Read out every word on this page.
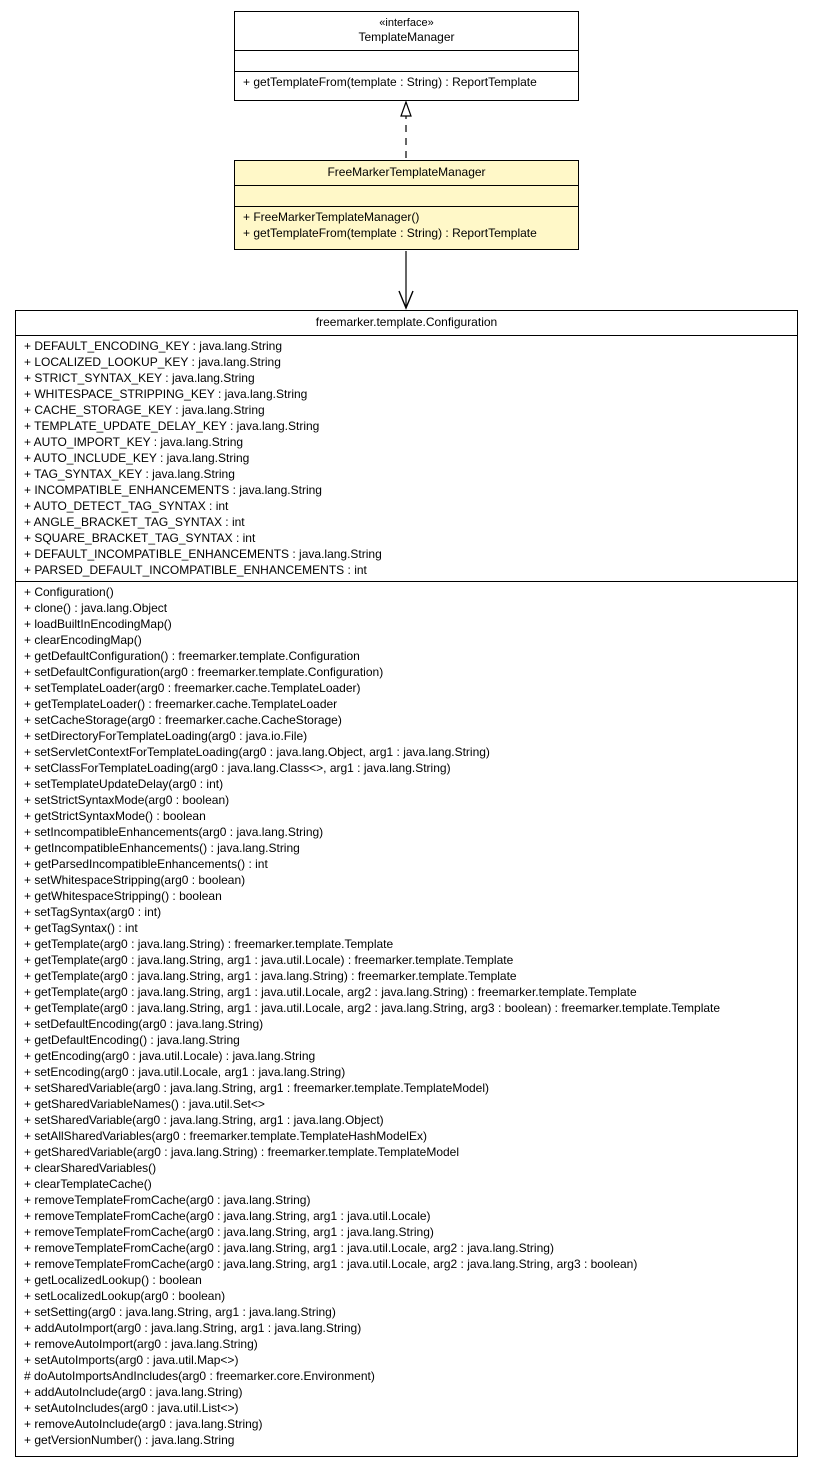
«interface»
TemplateManager
+ getTemplateFrom(template : String) : ReportTemplate
FreeMarkerTemplateManager
+ FreeMarkerTemplateManager()
+ getTemplateFrom(template : String) : ReportTemplate
freemarker.template.Configuration
+ DEFAULT_ENCODING_KEY : java.lang.String
+ LOCALIZED_LOOKUP_KEY : java.lang.String
+ STRICT_SYNTAX_KEY : java.lang.String
+ WHITESPACE_STRIPPING_KEY : java.lang.String
+ CACHE_STORAGE_KEY : java.lang.String
+ TEMPLATE_UPDATE_DELAY_KEY : java.lang.String
+ AUTO_IMPORT_KEY : java.lang.String
+ AUTO_INCLUDE_KEY : java.lang.String
+ TAG_SYNTAX_KEY : java.lang.String
+ INCOMPATIBLE_ENHANCEMENTS : java.lang.String
+ AUTO_DETECT_TAG_SYNTAX : int
+ ANGLE_BRACKET_TAG_SYNTAX : int
+ SQUARE_BRACKET_TAG_SYNTAX : int
+ DEFAULT_INCOMPATIBLE_ENHANCEMENTS : java.lang.String
+ PARSED_DEFAULT_INCOMPATIBLE_ENHANCEMENTS : int
+ Configuration()
+ clone() : java.lang.Object
+ loadBuiltInEncodingMap()
+ clearEncodingMap()
+ getDefaultConfiguration() : freemarker.template.Configuration
+ setDefaultConfiguration(arg0 : freemarker.template.Configuration)
+ setTemplateLoader(arg0 : freemarker.cache.TemplateLoader)
+ getTemplateLoader() : freemarker.cache.TemplateLoader
+ setCacheStorage(arg0 : freemarker.cache.CacheStorage)
+ setDirectoryForTemplateLoading(arg0 : java.io.File)
+ setServletContextForTemplateLoading(arg0 : java.lang.Object, arg1 : java.lang.String)
+ setClassForTemplateLoading(arg0 : java.lang.Class<>, arg1 : java.lang.String)
+ setTemplateUpdateDelay(arg0 : int)
+ setStrictSyntaxMode(arg0 : boolean)
+ getStrictSyntaxMode() : boolean
+ setIncompatibleEnhancements(arg0 : java.lang.String)
+ getIncompatibleEnhancements() : java.lang.String
+ getParsedIncompatibleEnhancements() : int
+ setWhitespaceStripping(arg0 : boolean)
+ getWhitespaceStripping() : boolean
+ setTagSyntax(arg0 : int)
+ getTagSyntax() : int
+ getTemplate(arg0 : java.lang.String) : freemarker.template.Template
+ getTemplate(arg0 : java.lang.String, arg1 : java.util.Locale) : freemarker.template.Template
+ getTemplate(arg0 : java.lang.String, arg1 : java.lang.String) : freemarker.template.Template
+ getTemplate(arg0 : java.lang.String, arg1 : java.util.Locale, arg2 : java.lang.String) : freemarker.template.Template
+ getTemplate(arg0 : java.lang.String, arg1 : java.util.Locale, arg2 : java.lang.String, arg3 : boolean) : freemarker.template.Template
+ setDefaultEncoding(arg0 : java.lang.String)
+ getDefaultEncoding() : java.lang.String
+ getEncoding(arg0 : java.util.Locale) : java.lang.String
+ setEncoding(arg0 : java.util.Locale, arg1 : java.lang.String)
+ setSharedVariable(arg0 : java.lang.String, arg1 : freemarker.template.TemplateModel)
+ getSharedVariableNames() : java.util.Set<>
+ setSharedVariable(arg0 : java.lang.String, arg1 : java.lang.Object)
+ setAllSharedVariables(arg0 : freemarker.template.TemplateHashModelEx)
+ getSharedVariable(arg0 : java.lang.String) : freemarker.template.TemplateModel
+ clearSharedVariables()
+ clearTemplateCache()
+ removeTemplateFromCache(arg0 : java.lang.String)
+ removeTemplateFromCache(arg0 : java.lang.String, arg1 : java.util.Locale)
+ removeTemplateFromCache(arg0 : java.lang.String, arg1 : java.lang.String)
+ removeTemplateFromCache(arg0 : java.lang.String, arg1 : java.util.Locale, arg2 : java.lang.String)
+ removeTemplateFromCache(arg0 : java.lang.String, arg1 : java.util.Locale, arg2 : java.lang.String, arg3 : boolean)
+ getLocalizedLookup() : boolean
+ setLocalizedLookup(arg0 : boolean)
+ setSetting(arg0 : java.lang.String, arg1 : java.lang.String)
+ addAutoImport(arg0 : java.lang.String, arg1 : java.lang.String)
+ removeAutoImport(arg0 : java.lang.String)
+ setAutoImports(arg0 : java.util.Map<>)
# doAutoImportsAndIncludes(arg0 : freemarker.core.Environment)
+ addAutoInclude(arg0 : java.lang.String)
+ setAutoIncludes(arg0 : java.util.List<>)
+ removeAutoInclude(arg0 : java.lang.String)
+ getVersionNumber() : java.lang.String
